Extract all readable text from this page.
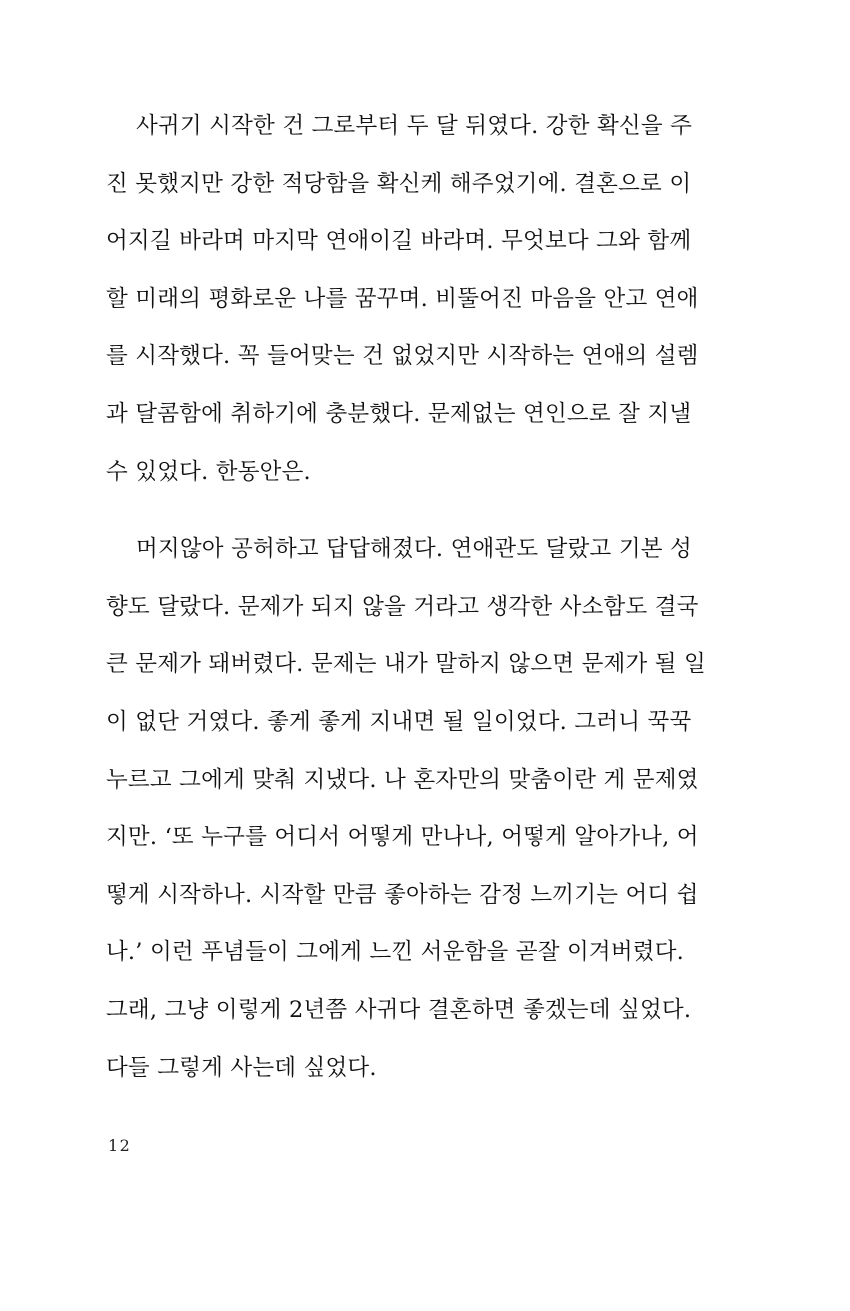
사귀기 시작한 건 그로부터 두 달 뒤였다. 강한 확신을 주
진 못했지만 강한 적당함을 확신케 해주었기에. 결혼으로 이
어지길 바라며 마지막 연애이길 바라며. 무엇보다 그와 함께
할 미래의 평화로운 나를 꿈꾸며. 비뚤어진 마음을 안고 연애
를 시작했다. 꼭 들어맞는 건 없었지만 시작하는 연애의 설렘
과 달콤함에 취하기에 충분했다. 문제없는 연인으로 잘 지낼
수 있었다. 한동안은.
머지않아 공허하고 답답해졌다. 연애관도 달랐고 기본 성
향도 달랐다. 문제가 되지 않을 거라고 생각한 사소함도 결국
큰 문제가 돼버렸다. 문제는 내가 말하지 않으면 문제가 될 일
이 없단 거였다. 좋게 좋게 지내면 될 일이었다. 그러니 꾹꾹
누르고 그에게 맞춰 지냈다. 나 혼자만의 맞춤이란 게 문제였
지만. ‘또 누구를 어디서 어떻게 만나나, 어떻게 알아가나, 어
떻게 시작하나. 시작할 만큼 좋아하는 감정 느끼기는 어디 쉽
나.’ 이런 푸념들이 그에게 느낀 서운함을 곧잘 이겨버렸다.
그래, 그냥 이렇게 2년쯤 사귀다 결혼하면 좋겠는데 싶었다.
다들 그렇게 사는데 싶었다.
12
